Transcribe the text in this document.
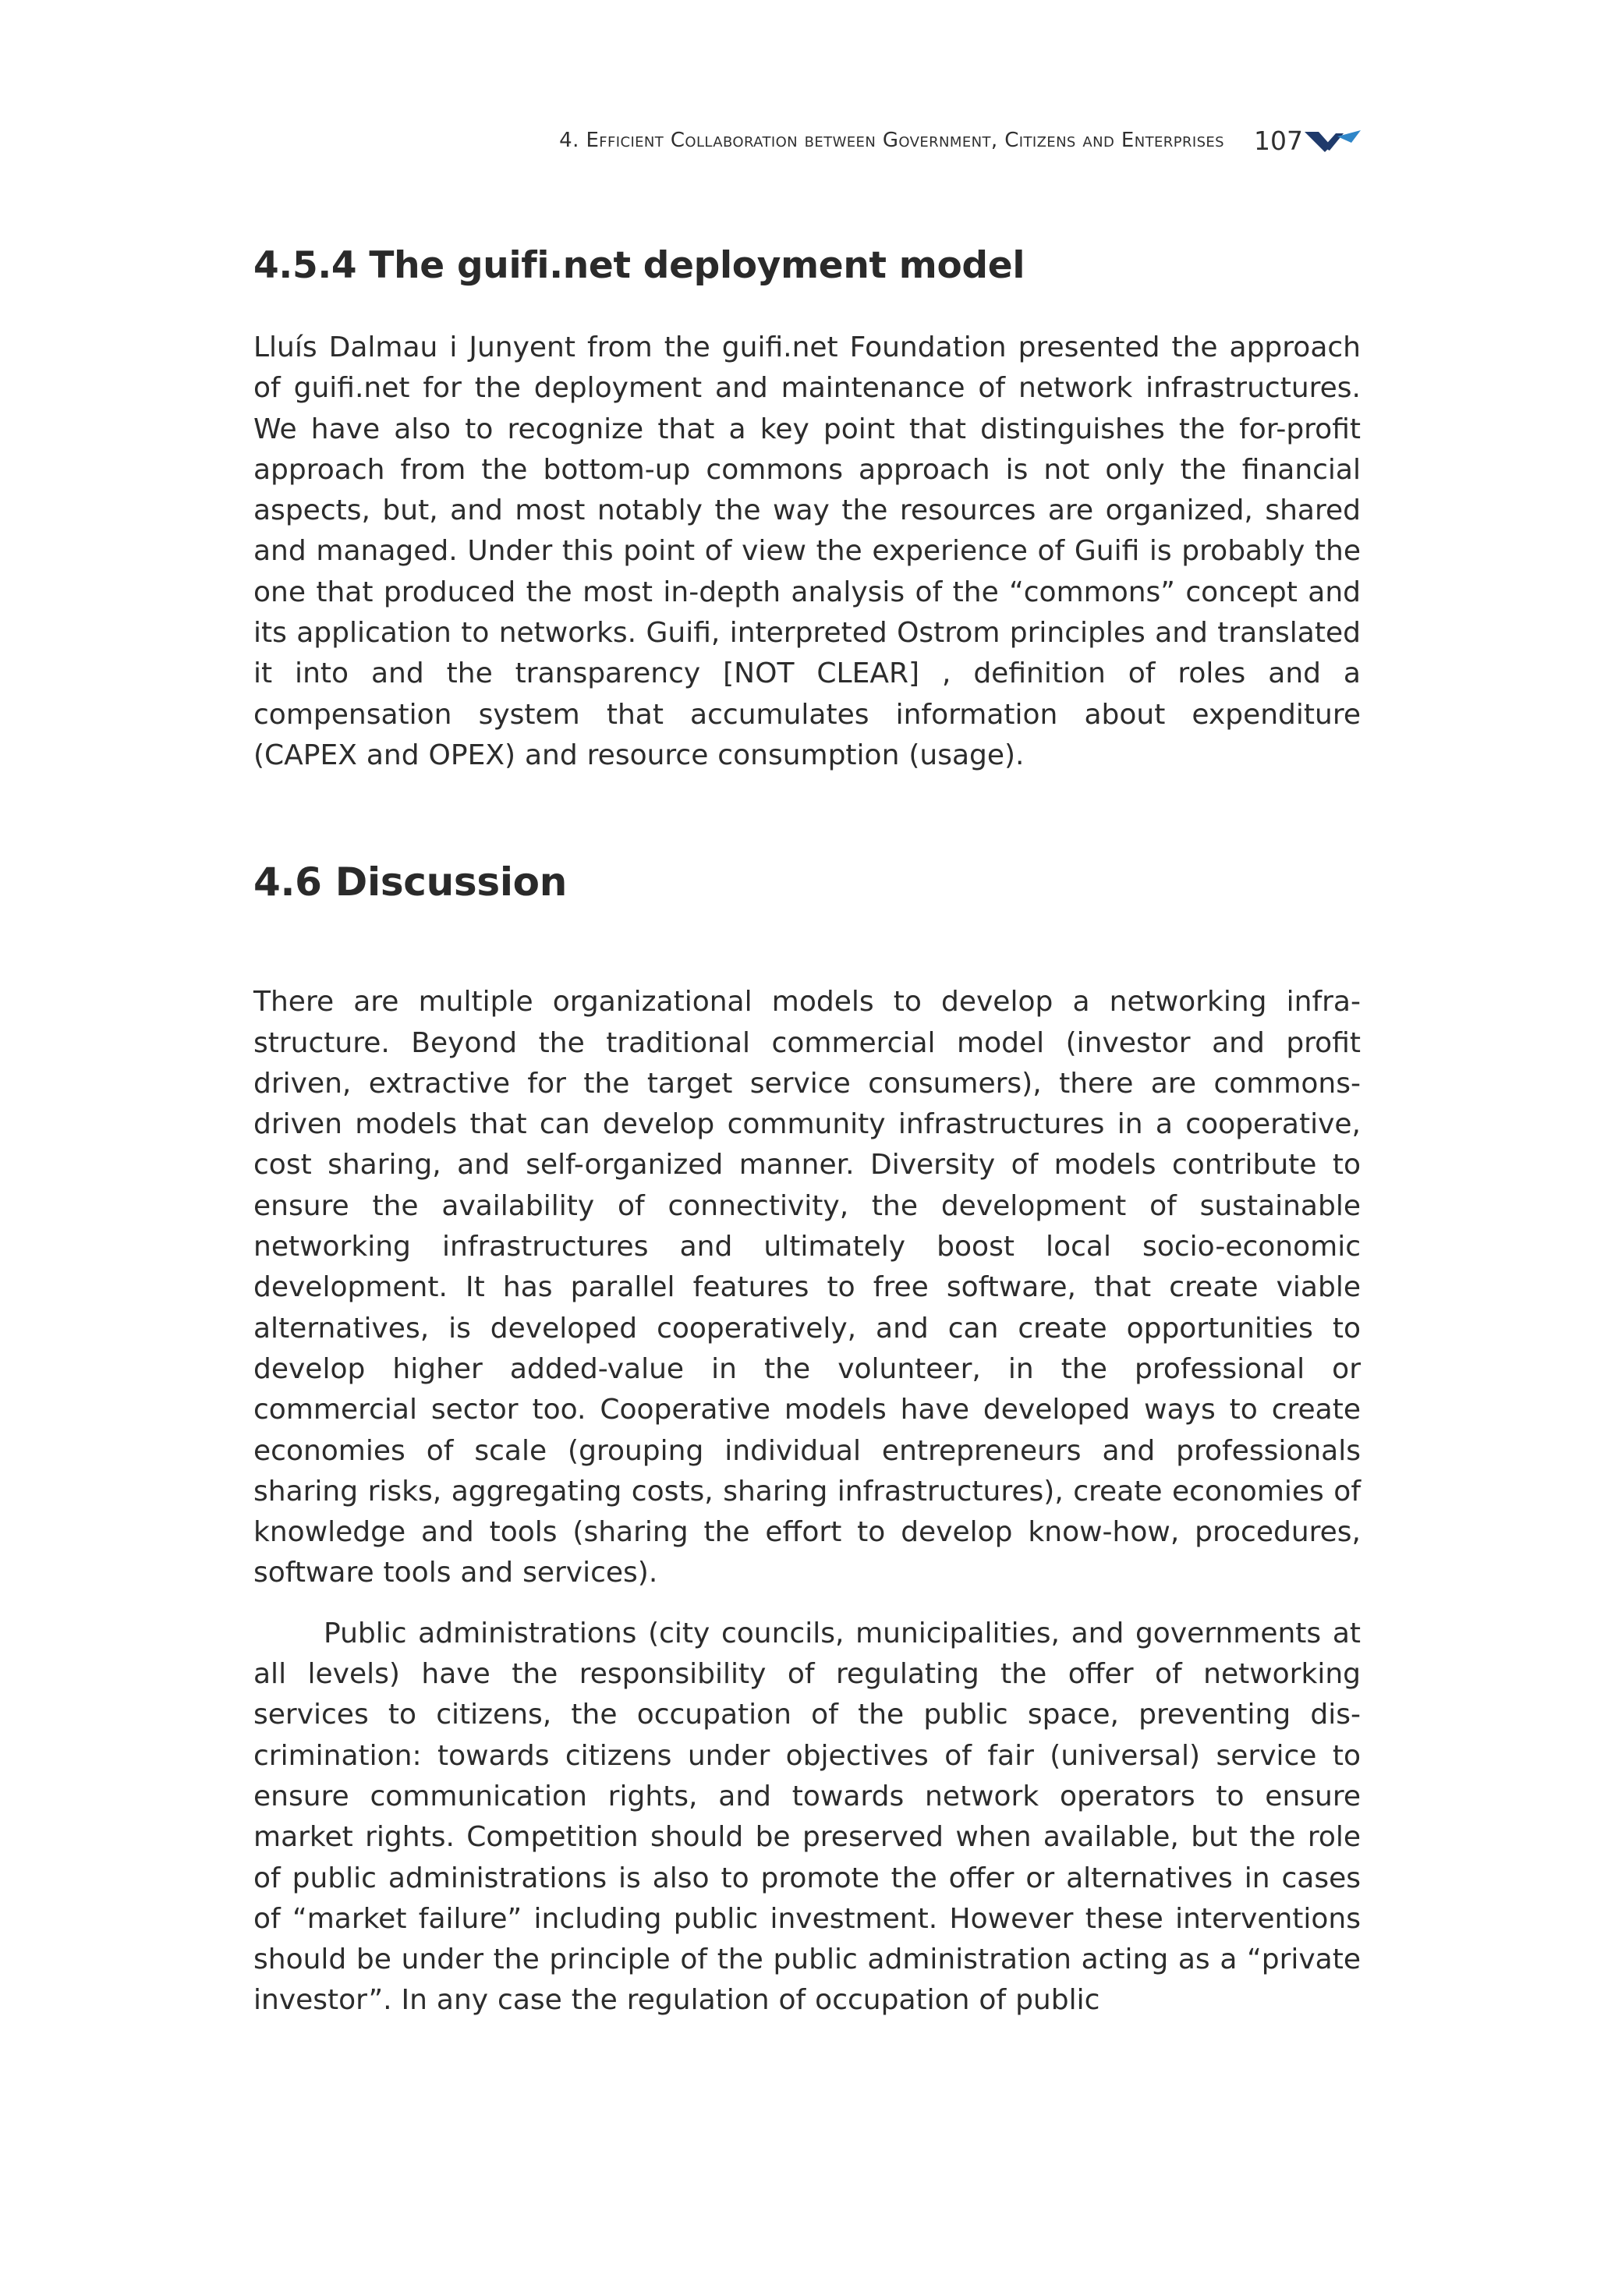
4. Efficient Collaboration between Government, Citizens and Enterprises 107
4.5.4 The guifi.net deployment model

Lluís Dalmau i Junyent from the guifi.net Foundation presented the approach of guifi.net for the deployment and maintenance of network infrastructures. We have also to recognize that a key point that distinguishes the for-profit approach from the bottom-up commons approach is not only the financial aspects, but, and most notably the way the resources are organized, shared and managed. Under this point of view the experience of Guifi is probably the one that produced the most in-depth analysis of the “commons” concept and its application to networks. Guifi, interpreted Ostrom principles and translated it into and the transparency [NOT CLEAR] , definition of roles and a compensation system that accumulates information about expenditure (CAPEX and OPEX) and resource consumption (usage).

4.6 Discussion

There are multiple organizational models to develop a networking infrastructure. Beyond the traditional commercial model (investor and profit driven, extractive for the target service consumers), there are commons-driven models that can develop community infrastructures in a cooperative, cost sharing, and self-organized manner. Diversity of models contribute to ensure the availability of connectivity, the development of sustainable networking infrastructures and ultimately boost local socio-economic development. It has parallel features to free software, that create viable alternatives, is developed cooperatively, and can create opportunities to develop higher added-value in the volunteer, in the professional or commercial sector too. Cooperative models have developed ways to create economies of scale (grouping individual entrepreneurs and professionals sharing risks, aggregating costs, sharing infrastructures), create economies of knowledge and tools (sharing the effort to develop know-how, procedures, software tools and services).

Public administrations (city councils, municipalities, and governments at all levels) have the responsibility of regulating the offer of networking services to citizens, the occupation of the public space, preventing discrimination: towards citizens under objectives of fair (universal) service to ensure communication rights, and towards network operators to ensure market rights. Competition should be preserved when available, but the role of public administrations is also to promote the offer or alternatives in cases of “market failure” including public investment. However these interventions should be under the principle of the public administration acting as a “private investor”. In any case the regulation of occupation of public
